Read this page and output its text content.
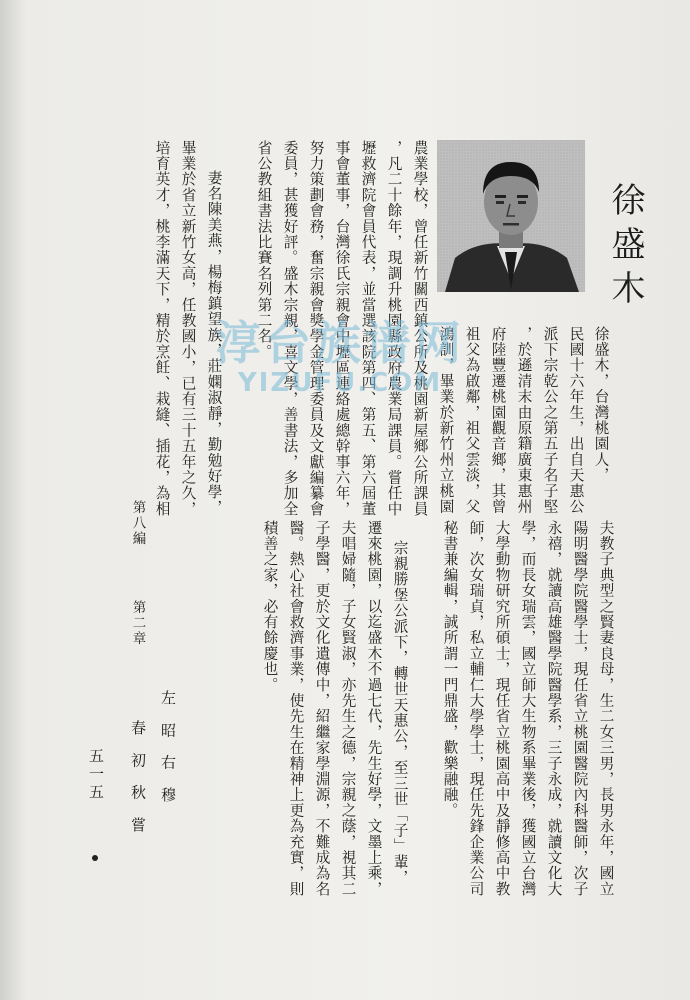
徐盛木
徐盛木，台灣桃園人，
民國十六年生，出自天惠公
派下宗乾公之第五子名子堅
，於遜清末由原籍廣東惠州
府陸豐遷桃園觀音鄉，其曾
祖父為啟鄰，祖父雲淡，父
鴻訓，畢業於新竹州立桃園
農業學校，曾任新竹關西鎮公所及桃園新屋鄉公所課員
，凡二十餘年，現調升桃園縣政府農業局課員。嘗任中
壢救濟院會員代表，並當選該院第四、第五、第六屆董
事會董事，台灣徐氏宗親會中壢區連絡處總幹事六年，
努力策劃會務，奮宗親會獎學金管理委員及文獻編纂會
委員，甚獲好評。盛木宗親，喜文學，善書法，多加全
省公教組書法比賽名列第二名。
妻名陳美燕，楊梅鎮望族，莊嫻淑靜，勤勉好學，
畢業於省立新竹女高，任教國小，已有三十五年之久，
培育英才，桃李滿天下，精於烹飪、栽縫、插花，為相
第八編
第二章	夫教子典型之賢妻良母，生二女三男，長男永年，國立
陽明醫學院醫學士，現任省立桃園醫院內科醫師，次子
永禧，就讀高雄醫學院醫學系，三子永成，就讀文化大
學，而長女瑞雲，國立師大生物系畢業後，獲國立台灣
大學動物研究所碩士，現任省立桃園高中及靜修高中教
師，次女瑞貞，私立輔仁大學學士，現任先鋒企業公司
秘書兼編輯，誠所謂一門鼎盛，歡樂融融。
宗親勝堡公派下，轉世天惠公，至三世「子」輩，
遷來桃園，以迄盛木不過七代，先生好學，文墨上乘，
夫唱婦隨，子女賢淑，亦先生之德，宗親之蔭，視其二
子學醫，更於文化遺傳中，紹繼家學淵源，不難成為名
醫。熱心社會救濟事業，使先生在精神上更為充實，則
積善之家，必有餘慶也。
左　昭　右　穆
春　初　秋　嘗
五一五
淳台族谱网
YIZUFU.COM
